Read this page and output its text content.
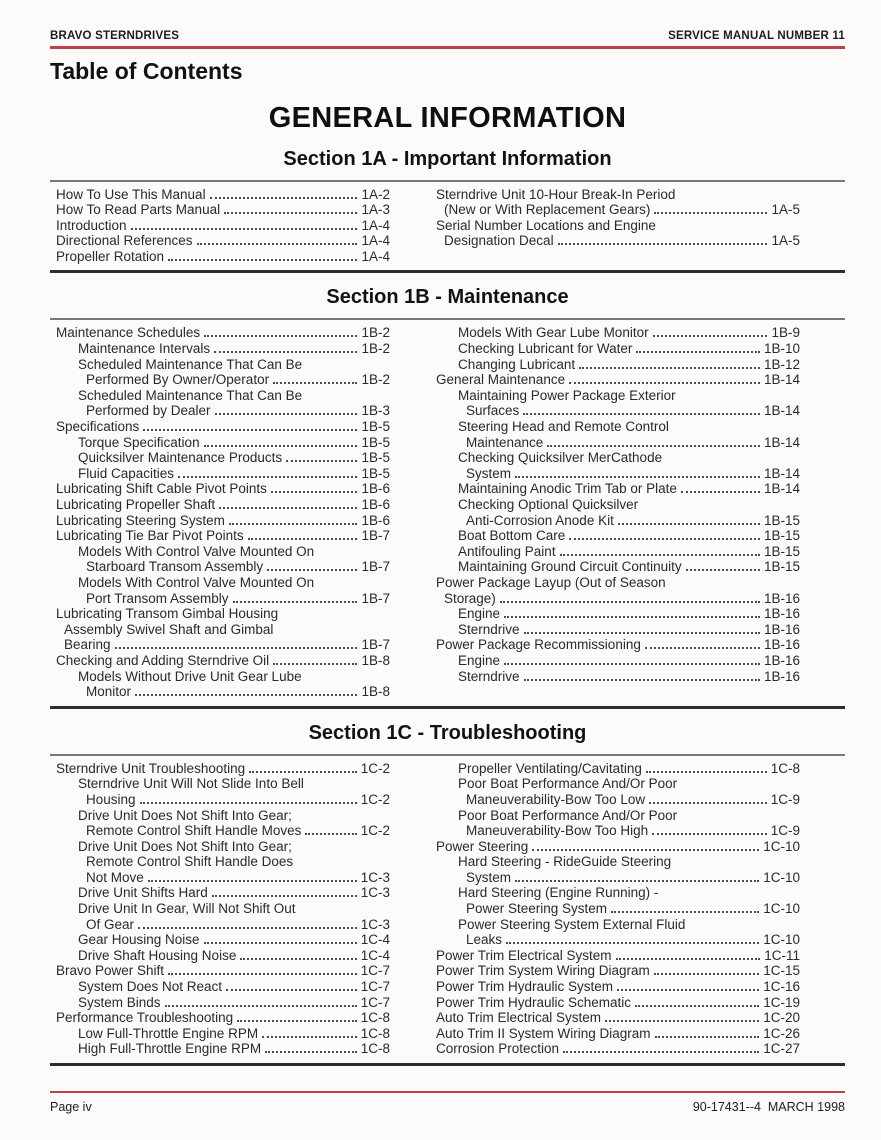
BRAVO STERNDRIVES	SERVICE MANUAL NUMBER 11
Table of Contents
GENERAL INFORMATION
Section 1A - Important Information
How To Use This Manual	1A-2
How To Read Parts Manual	1A-3
Introduction	1A-4
Directional References	1A-4
Propeller Rotation	1A-4
Sterndrive Unit 10-Hour Break-In Period
(New or With Replacement Gears)	1A-5
Serial Number Locations and Engine
Designation Decal	1A-5
Section 1B - Maintenance
Maintenance Schedules	1B-2
Maintenance Intervals	1B-2
Scheduled Maintenance That Can Be
Performed By Owner/Operator	1B-2
Scheduled Maintenance That Can Be
Performed by Dealer	1B-3
Specifications	1B-5
Torque Specification	1B-5
Quicksilver Maintenance Products	1B-5
Fluid Capacities	1B-5
Lubricating Shift Cable Pivot Points	1B-6
Lubricating Propeller Shaft	1B-6
Lubricating Steering System	1B-6
Lubricating Tie Bar Pivot Points	1B-7
Models With Control Valve Mounted On
Starboard Transom Assembly	1B-7
Models With Control Valve Mounted On
Port Transom Assembly	1B-7
Lubricating Transom Gimbal Housing
Assembly Swivel Shaft and Gimbal
Bearing	1B-7
Checking and Adding Sterndrive Oil	1B-8
Models Without Drive Unit Gear Lube
Monitor	1B-8
Models With Gear Lube Monitor	1B-9
Checking Lubricant for Water	1B-10
Changing Lubricant	1B-12
General Maintenance	1B-14
Maintaining Power Package Exterior
Surfaces	1B-14
Steering Head and Remote Control
Maintenance	1B-14
Checking Quicksilver MerCathode
System	1B-14
Maintaining Anodic Trim Tab or Plate	1B-14
Checking Optional Quicksilver
Anti-Corrosion Anode Kit	1B-15
Boat Bottom Care	1B-15
Antifouling Paint	1B-15
Maintaining Ground Circuit Continuity	1B-15
Power Package Layup (Out of Season
Storage)	1B-16
Engine	1B-16
Sterndrive	1B-16
Power Package Recommissioning	1B-16
Engine	1B-16
Sterndrive	1B-16
Section 1C - Troubleshooting
Sterndrive Unit Troubleshooting	1C-2
Sterndrive Unit Will Not Slide Into Bell
Housing	1C-2
Drive Unit Does Not Shift Into Gear;
Remote Control Shift Handle Moves	1C-2
Drive Unit Does Not Shift Into Gear;
Remote Control Shift Handle Does
Not Move	1C-3
Drive Unit Shifts Hard	1C-3
Drive Unit In Gear, Will Not Shift Out
Of Gear	1C-3
Gear Housing Noise	1C-4
Drive Shaft Housing Noise	1C-4
Bravo Power Shift	1C-7
System Does Not React	1C-7
System Binds	1C-7
Performance Troubleshooting	1C-8
Low Full-Throttle Engine RPM	1C-8
High Full-Throttle Engine RPM	1C-8
Propeller Ventilating/Cavitating	1C-8
Poor Boat Performance And/Or Poor
Maneuverability-Bow Too Low	1C-9
Poor Boat Performance And/Or Poor
Maneuverability-Bow Too High	1C-9
Power Steering	1C-10
Hard Steering - RideGuide Steering
System	1C-10
Hard Steering (Engine Running) -
Power Steering System	1C-10
Power Steering System External Fluid
Leaks	1C-10
Power Trim Electrical System	1C-11
Power Trim System Wiring Diagram	1C-15
Power Trim Hydraulic System	1C-16
Power Trim Hydraulic Schematic	1C-19
Auto Trim Electrical System	1C-20
Auto Trim II System Wiring Diagram	1C-26
Corrosion Protection	1C-27
Page iv	90-17431--4  MARCH 1998
